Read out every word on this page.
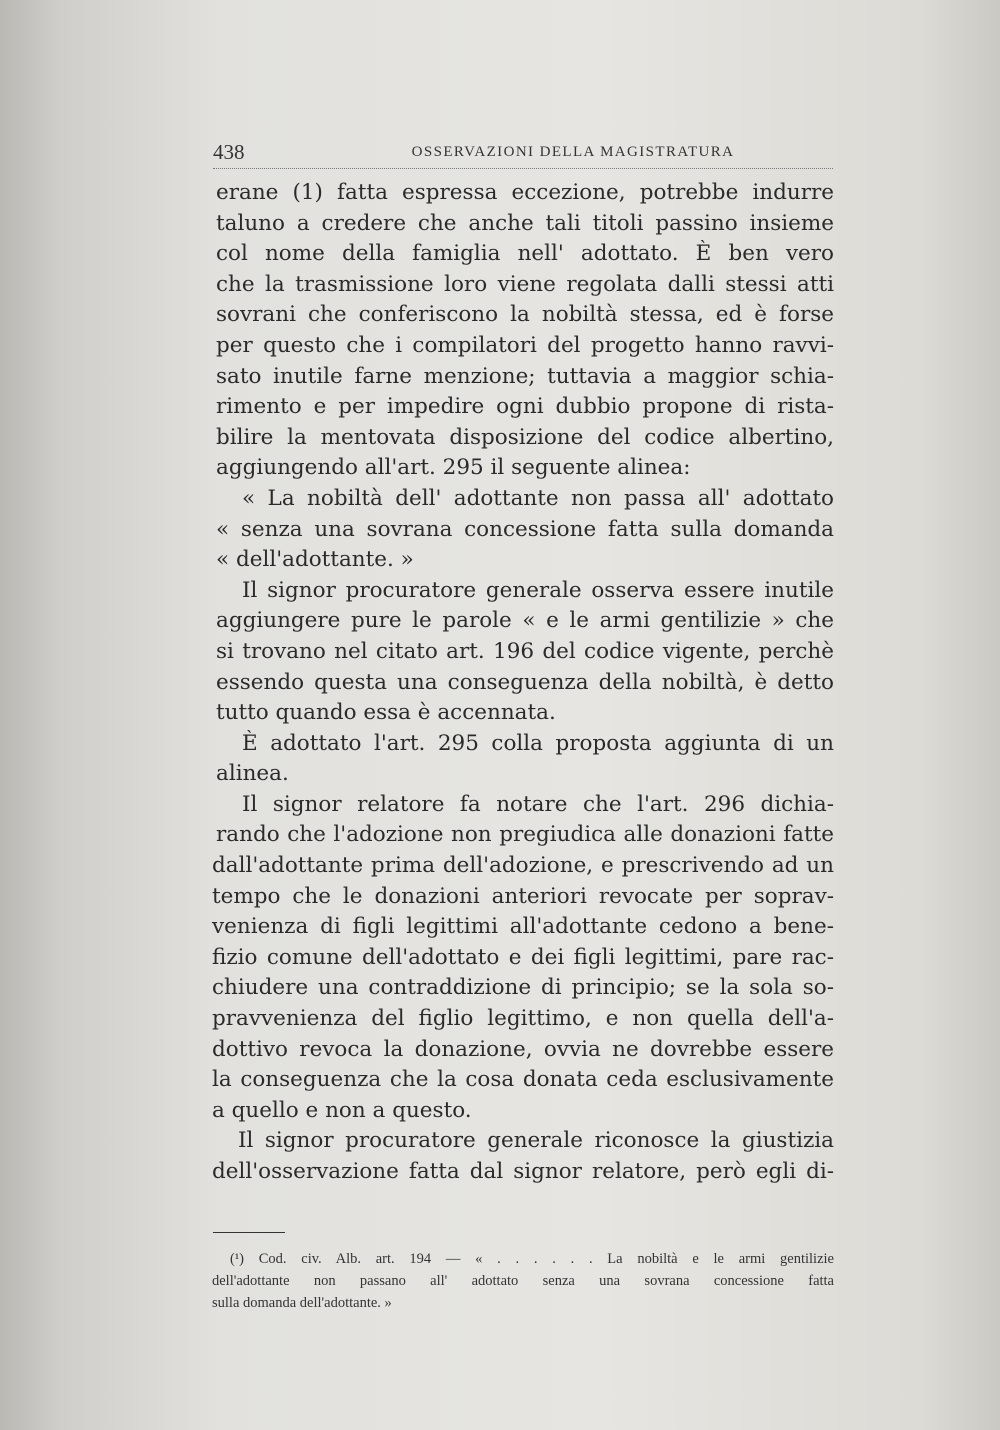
438	OSSERVAZIONI DELLA MAGISTRATURA
erane (1) fatta espressa eccezione, potrebbe indurre
taluno a credere che anche tali titoli passino insieme
col nome della famiglia nell' adottato. È ben vero
che la trasmissione loro viene regolata dalli stessi atti
sovrani che conferiscono la nobiltà stessa, ed è forse
per questo che i compilatori del progetto hanno ravvi-
sato inutile farne menzione; tuttavia a maggior schia-
rimento e per impedire ogni dubbio propone di rista-
bilire la mentovata disposizione del codice albertino,
aggiungendo all'art. 295 il seguente alinea:
« La nobiltà dell' adottante non passa all' adottato
« senza una sovrana concessione fatta sulla domanda
« dell'adottante. »
Il signor procuratore generale osserva essere inutile
aggiungere pure le parole « e le armi gentilizie » che
si trovano nel citato art. 196 del codice vigente, perchè
essendo questa una conseguenza della nobiltà, è detto
tutto quando essa è accennata.
È adottato l'art. 295 colla proposta aggiunta di un
alinea.
Il signor relatore fa notare che l'art. 296 dichia-
rando che l'adozione non pregiudica alle donazioni fatte
dall'adottante prima dell'adozione, e prescrivendo ad un
tempo che le donazioni anteriori revocate per soprav-
venienza di figli legittimi all'adottante cedono a bene-
fizio comune dell'adottato e dei figli legittimi, pare rac-
chiudere una contraddizione di principio; se la sola so-
pravvenienza del figlio legittimo, e non quella dell'a-
dottivo revoca la donazione, ovvia ne dovrebbe essere
la conseguenza che la cosa donata ceda esclusivamente
a quello e non a questo.
Il signor procuratore generale riconosce la giustizia
dell'osservazione fatta dal signor relatore, però egli di-
(¹) Cod. civ. Alb. art. 194 — « . . . . . . La nobiltà e le armi gentilizie
dell'adottante non passano all' adottato senza una sovrana concessione fatta
sulla domanda dell'adottante. »
